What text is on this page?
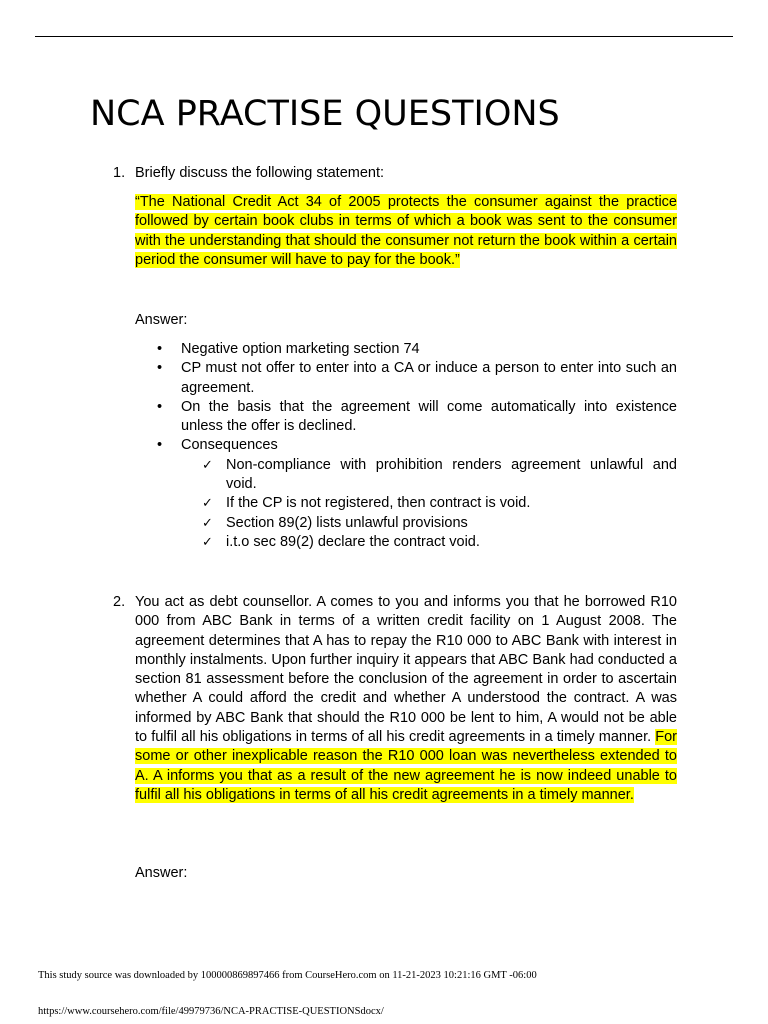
NCA PRACTISE QUESTIONS
1. Briefly discuss the following statement:
“The National Credit Act 34 of 2005 protects the consumer against the practice followed by certain book clubs in terms of which a book was sent to the consumer with the understanding that should the consumer not return the book within a certain period the consumer will have to pay for the book.”
Answer:
• Negative option marketing section 74
• CP must not offer to enter into a CA or induce a person to enter into such an agreement.
• On the basis that the agreement will come automatically into existence unless the offer is declined.
• Consequences
✓ Non-compliance with prohibition renders agreement unlawful and void.
✓ If the CP is not registered, then contract is void.
✓ Section 89(2) lists unlawful provisions
✓ i.t.o sec 89(2) declare the contract void.
2. You act as debt counsellor. A comes to you and informs you that he borrowed R10 000 from ABC Bank in terms of a written credit facility on 1 August 2008. The agreement determines that A has to repay the R10 000 to ABC Bank with interest in monthly instalments. Upon further inquiry it appears that ABC Bank had conducted a section 81 assessment before the conclusion of the agreement in order to ascertain whether A could afford the credit and whether A understood the contract. A was informed by ABC Bank that should the R10 000 be lent to him, A would not be able to fulfil all his obligations in terms of all his credit agreements in a timely manner. For some or other inexplicable reason the R10 000 loan was nevertheless extended to A. A informs you that as a result of the new agreement he is now indeed unable to fulfil all his obligations in terms of all his credit agreements in a timely manner.
Answer:
This study source was downloaded by 100000869897466 from CourseHero.com on 11-21-2023 10:21:16 GMT -06:00
https://www.coursehero.com/file/49979736/NCA-PRACTISE-QUESTIONSdocx/
